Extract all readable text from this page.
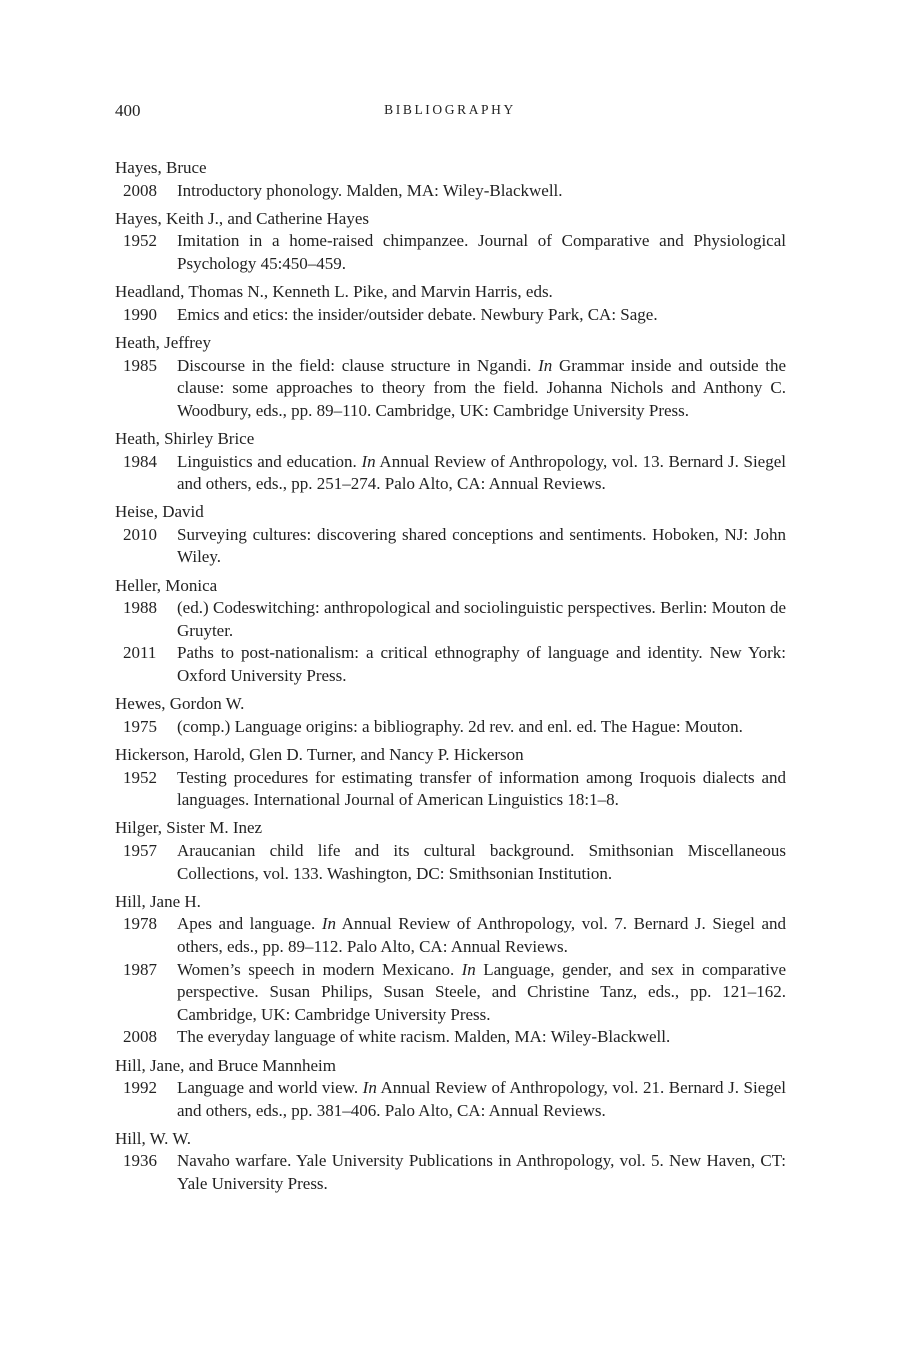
400	BIBLIOGRAPHY
Hayes, Bruce
2008	Introductory phonology. Malden, MA: Wiley-Blackwell.
Hayes, Keith J., and Catherine Hayes
1952	Imitation in a home-raised chimpanzee. Journal of Comparative and Physiological Psychology 45:450–459.
Headland, Thomas N., Kenneth L. Pike, and Marvin Harris, eds.
1990	Emics and etics: the insider/outsider debate. Newbury Park, CA: Sage.
Heath, Jeffrey
1985	Discourse in the field: clause structure in Ngandi. In Grammar inside and outside the clause: some approaches to theory from the field. Johanna Nichols and Anthony C. Woodbury, eds., pp. 89–110. Cambridge, UK: Cambridge University Press.
Heath, Shirley Brice
1984	Linguistics and education. In Annual Review of Anthropology, vol. 13. Bernard J. Siegel and others, eds., pp. 251–274. Palo Alto, CA: Annual Reviews.
Heise, David
2010	Surveying cultures: discovering shared conceptions and sentiments. Hoboken, NJ: John Wiley.
Heller, Monica
1988	(ed.) Codeswitching: anthropological and sociolinguistic perspectives. Berlin: Mouton de Gruyter.
2011	Paths to post-nationalism: a critical ethnography of language and identity. New York: Oxford University Press.
Hewes, Gordon W.
1975	(comp.) Language origins: a bibliography. 2d rev. and enl. ed. The Hague: Mouton.
Hickerson, Harold, Glen D. Turner, and Nancy P. Hickerson
1952	Testing procedures for estimating transfer of information among Iroquois dialects and languages. International Journal of American Linguistics 18:1–8.
Hilger, Sister M. Inez
1957	Araucanian child life and its cultural background. Smithsonian Miscellaneous Collections, vol. 133. Washington, DC: Smithsonian Institution.
Hill, Jane H.
1978	Apes and language. In Annual Review of Anthropology, vol. 7. Bernard J. Siegel and others, eds., pp. 89–112. Palo Alto, CA: Annual Reviews.
1987	Women’s speech in modern Mexicano. In Language, gender, and sex in comparative perspective. Susan Philips, Susan Steele, and Christine Tanz, eds., pp. 121–162. Cambridge, UK: Cambridge University Press.
2008	The everyday language of white racism. Malden, MA: Wiley-Blackwell.
Hill, Jane, and Bruce Mannheim
1992	Language and world view. In Annual Review of Anthropology, vol. 21. Bernard J. Siegel and others, eds., pp. 381–406. Palo Alto, CA: Annual Reviews.
Hill, W. W.
1936	Navaho warfare. Yale University Publications in Anthropology, vol. 5. New Haven, CT: Yale University Press.
